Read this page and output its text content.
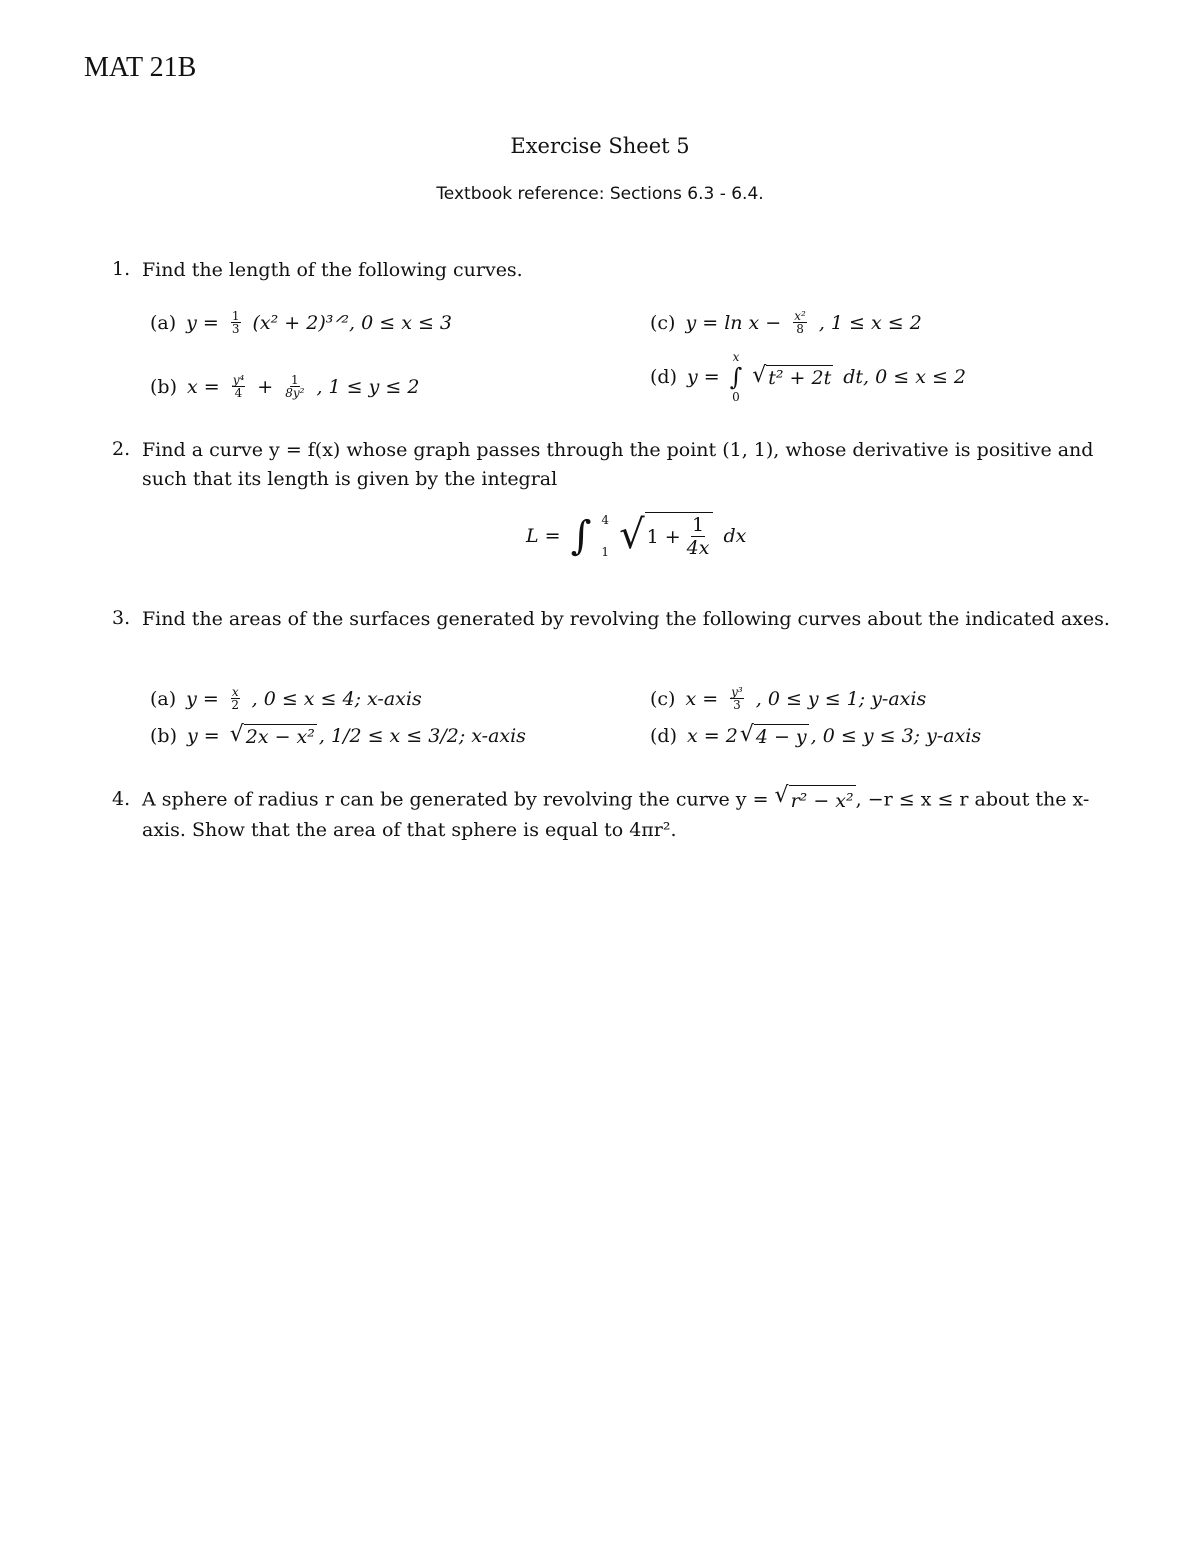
MAT 21B
Exercise Sheet 5
Textbook reference: Sections 6.3 - 6.4.
1. Find the length of the following curves.
(a) $y = \frac{1}{3} (x^2$ + 2)³ᐟ², 0 ≤ x ≤ 3
(b) $x = \frac{\text{y⁴}}{4} + \frac{1}{\text{8y²}}$ , 1 ≤ y ≤ 2
(c) $y = \ln x - \frac{\text{x²}}{8}$ , 1 ≤ x ≤ 2
(d) y =
x
∫
0
√ t² + 2t dt, 0 ≤ x ≤ 2
2. Find a curve y = f(x) whose graph passes through the point (1, 1), whose derivative is positive and such that its length is given by the integral
L = ∫ 4
1 √ $1 + \frac{1}{4x}$ dx
3. Find the areas of the surfaces generated by revolving the following curves about the indicated axes.
(a) $y = \frac{x}{2}$ , 0 ≤ x ≤ 4; x-axis
(b) y = √ 2x − x² , 1/2 ≤ x ≤ 3/2; x-axis
(c) $x = \frac{\text{y³}}{3}$ , 0 ≤ y ≤ 1; y-axis
(d) x = 2 √ 4 − y , 0 ≤ y ≤ 3; y-axis
4. A sphere of radius r can be generated by revolving the curve y = √ r² − x² , −r ≤ x ≤ r about the x-axis. Show that the area of that sphere is equal to 4πr².
